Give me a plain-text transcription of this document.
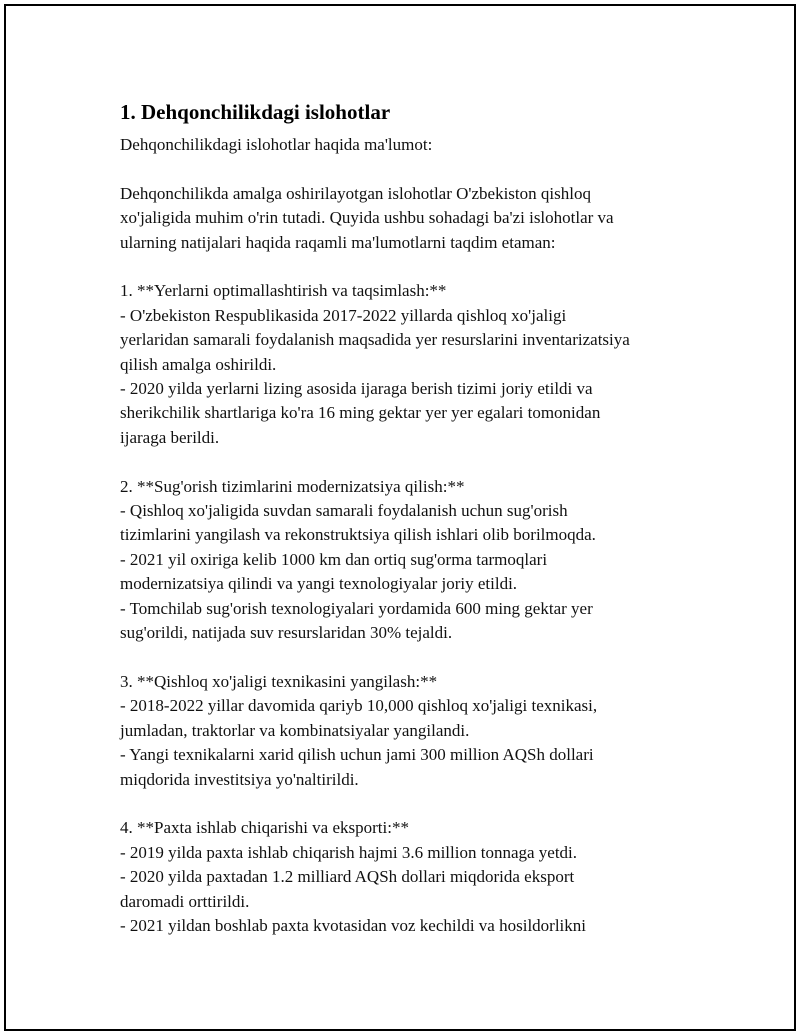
1. Dehqonchilikdagi islohotlar

Dehqonchilikdagi islohotlar haqida ma'lumot:

Dehqonchilikda amalga oshirilayotgan islohotlar O'zbekiston qishloq
xo'jaligida muhim o'rin tutadi. Quyida ushbu sohadagi ba'zi islohotlar va
ularning natijalari haqida raqamli ma'lumotlarni taqdim etaman:

1. **Yerlarni optimallashtirish va taqsimlash:**

- O'zbekiston Respublikasida 2017-2022 yillarda qishloq xo'jaligi
yerlaridan samarali foydalanish maqsadida yer resurslarini inventarizatsiya
qilish amalga oshirildi.
- 2020 yilda yerlarni lizing asosida ijaraga berish tizimi joriy etildi va
sherikchilik shartlariga ko'ra 16 ming gektar yer yer egalari tomonidan
ijaraga berildi.

2. **Sug'orish tizimlarini modernizatsiya qilish:**

- Qishloq xo'jaligida suvdan samarali foydalanish uchun sug'orish
tizimlarini yangilash va rekonstruktsiya qilish ishlari olib borilmoqda.
- 2021 yil oxiriga kelib 1000 km dan ortiq sug'orma tarmoqlari
modernizatsiya qilindi va yangi texnologiyalar joriy etildi.
- Tomchilab sug'orish texnologiyalari yordamida 600 ming gektar yer
sug'orildi, natijada suv resurslaridan 30% tejaldi.

3. **Qishloq xo'jaligi texnikasini yangilash:**

- 2018-2022 yillar davomida qariyb 10,000 qishloq xo'jaligi texnikasi,
jumladan, traktorlar va kombinatsiyalar yangilandi.
- Yangi texnikalarni xarid qilish uchun jami 300 million AQSh dollari
miqdorida investitsiya yo'naltirildi.

4. **Paxta ishlab chiqarishi va eksporti:**

- 2019 yilda paxta ishlab chiqarish hajmi 3.6 million tonnaga yetdi.
- 2020 yilda paxtadan 1.2 milliard AQSh dollari miqdorida eksport
daromadi orttirildi.
- 2021 yildan boshlab paxta kvotasidan voz kechildi va hosildorlikni
